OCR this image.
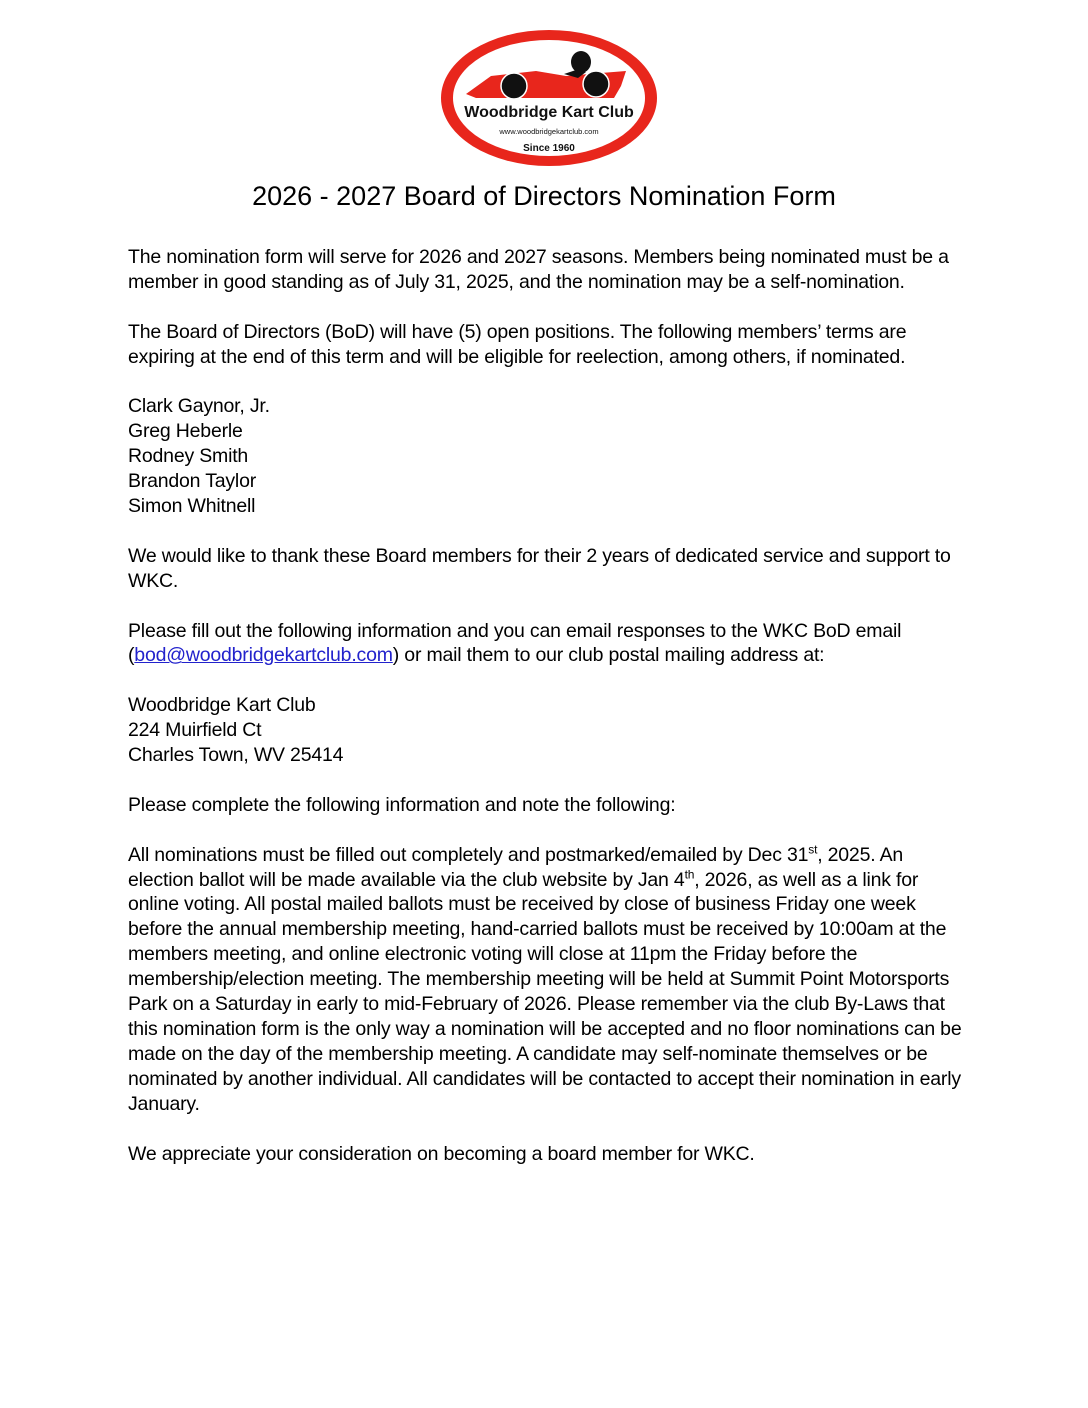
Woodbridge Kart Club
www.woodbridgekartclub.com
Since 1960
2026 - 2027 Board of Directors Nomination Form

The nomination form will serve for 2026 and 2027 seasons. Members being nominated must be a member in good standing as of July 31, 2025, and the nomination may be a self-nomination.

The Board of Directors (BoD) will have (5) open positions. The following members’ terms are expiring at the end of this term and will be eligible for reelection, among others, if nominated.

Clark Gaynor, Jr.
Greg Heberle
Rodney Smith
Brandon Taylor
Simon Whitnell

We would like to thank these Board members for their 2 years of dedicated service and support to WKC.

Please fill out the following information and you can email responses to the WKC BoD email (bod@woodbridgekartclub.com) or mail them to our club postal mailing address at:

Woodbridge Kart Club
224 Muirfield Ct
Charles Town, WV 25414

Please complete the following information and note the following:

All nominations must be filled out completely and postmarked/emailed by Dec 31st, 2025. An election ballot will be made available via the club website by Jan 4th, 2026, as well as a link for online voting. All postal mailed ballots must be received by close of business Friday one week before the annual membership meeting, hand-carried ballots must be received by 10:00am at the members meeting, and online electronic voting will close at 11pm the Friday before the membership/election meeting. The membership meeting will be held at Summit Point Motorsports Park on a Saturday in early to mid-February of 2026. Please remember via the club By-Laws that this nomination form is the only way a nomination will be accepted and no floor nominations can be made on the day of the membership meeting. A candidate may self-nominate themselves or be nominated by another individual. All candidates will be contacted to accept their nomination in early January.

We appreciate your consideration on becoming a board member for WKC.
